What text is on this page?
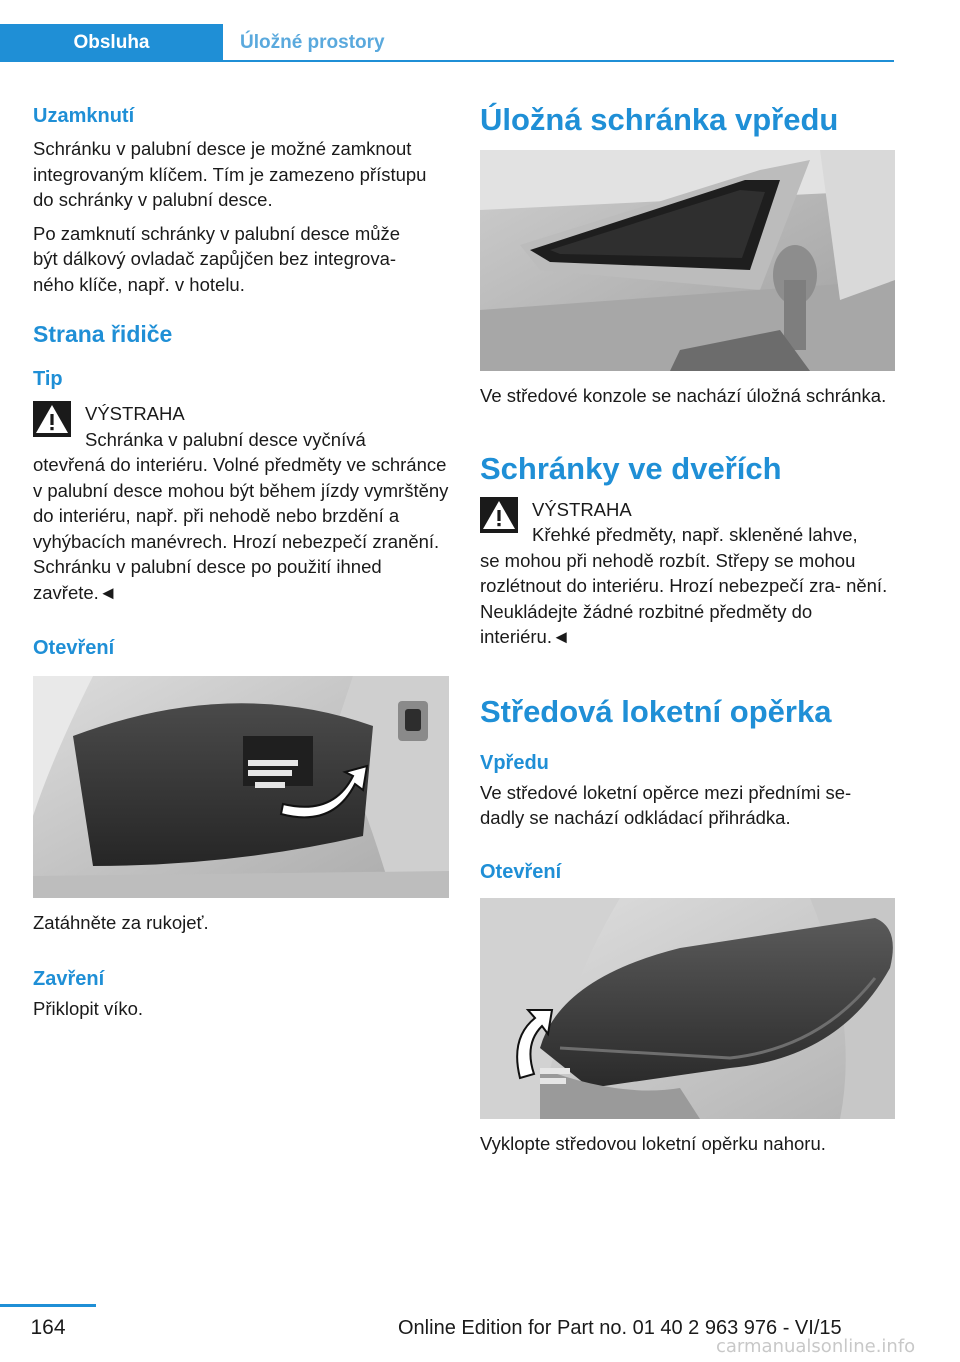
Obsluha	Úložné prostory
Uzamknutí

Schránku v palubní desce je možné zamknout integrovaným klíčem. Tím je zamezeno přístupu do schránky v palubní desce.

Po zamknutí schránky v palubní desce může
být dálkový ovladač zapůjčen bez integrova‐
ného klíče, např. v hotelu.
Strana řidiče
Tip
VÝSTRAHA
Schránka v palubní desce vyčnívá

otevřená do interiéru. Volné předměty ve schránce v palubní desce mohou být během jízdy vymrštěny do interiéru, např. při nehodě nebo brzdění a vyhýbacích manévrech. Hrozí nebezpečí zranění. Schránku v palubní desce po použití ihned zavřete.◄

Otevření

Zatáhněte za rukojeť.

Zavření

Přiklopit víko.

Úložná schránka vpředu

Ve středové konzole se nachází úložná schránka.

Schránky ve dveřích
VÝSTRAHA
Křehké předměty, např. skleněné lahve,

se mohou při nehodě rozbít. Střepy se mohou rozlétnout do interiéru. Hrozí nebezpečí zra‐ nění. Neukládejte žádné rozbitné předměty do interiéru.◄

Středová loketní opěrka
Vpředu

Ve středové loketní opěrce mezi předními se‐ dadly se nachází odkládací přihrádka.

Otevření

Vyklopte středovou loketní opěrku nahoru.

164	Online Edition for Part no. 01 40 2 963 976 - VI/15
carmanualsonline.info
